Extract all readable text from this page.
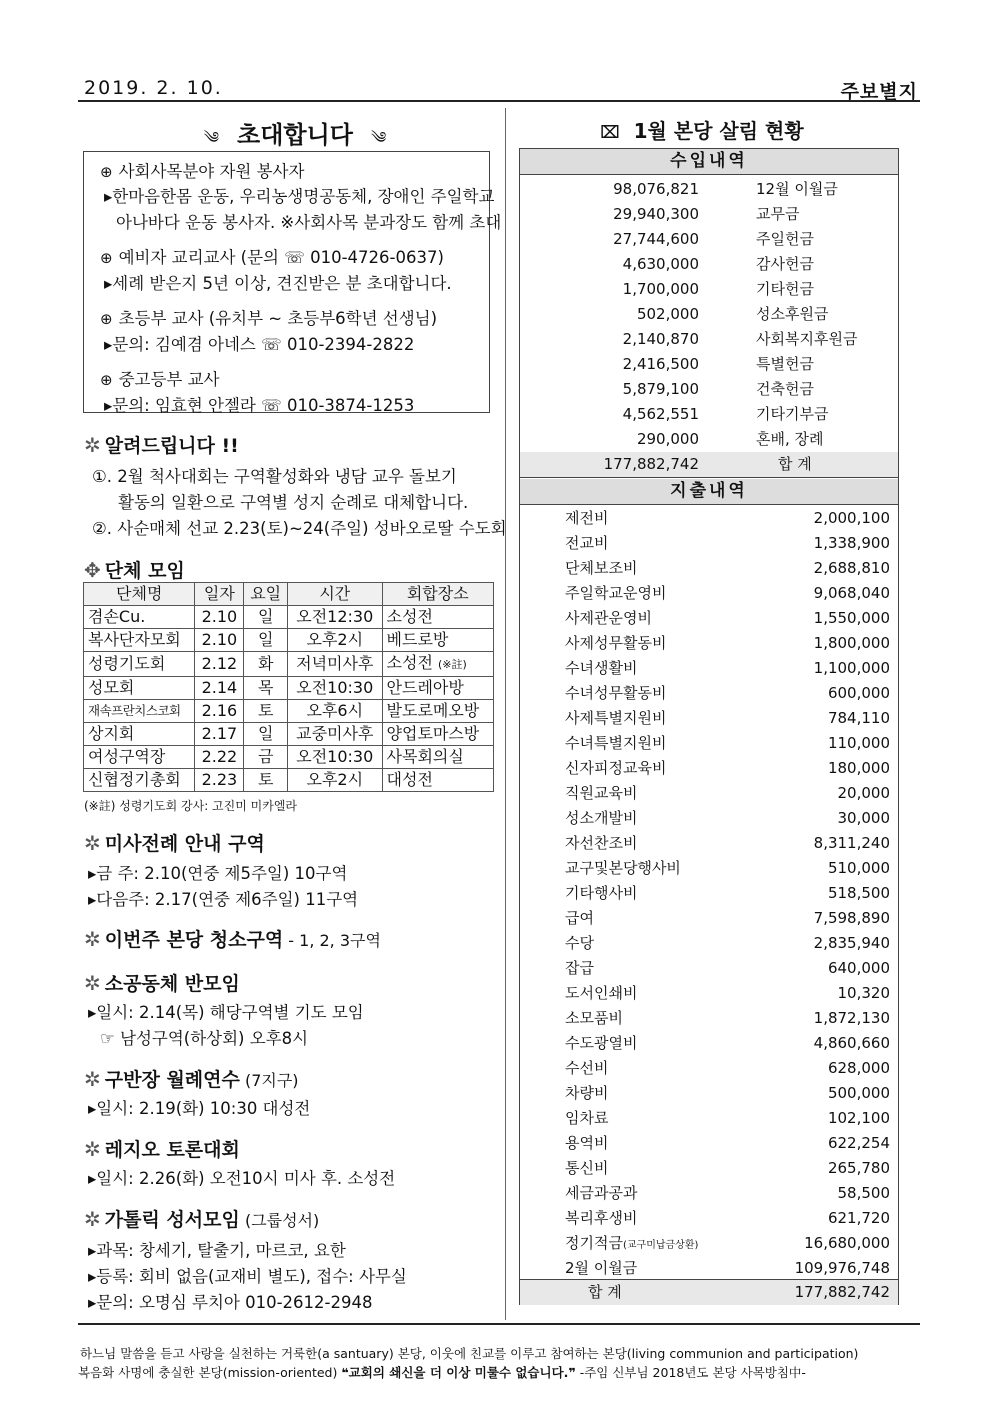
2019. 2. 10.	주보별지
༄ 초대합니다 ༄
⊕ 사회사목분야 자원 봉사자
▸한마음한몸 운동, 우리농생명공동체, 장애인 주일학교
아나바다 운동 봉사자. ※사회사목 분과장도 함께 초대
⊕ 예비자 교리교사 (문의 ☏ 010-4726-0637)
▸세례 받은지 5년 이상, 견진받은 분 초대합니다.
⊕ 초등부 교사 (유치부 ~ 초등부6학년 선생님)
▸문의: 김예겸 아네스 ☏ 010-2394-2822
⊕ 중고등부 교사
▸문의: 임효현 안젤라 ☏ 010-3874-1253
✲ 알려드립니다 !!
①. 2월 척사대회는 구역활성화와 냉담 교우 돌보기
활동의 일환으로 구역별 성지 순례로 대체합니다.
②. 사순매체 선교 2.23(토)~24(주일) 성바오로딸 수도회
✥ 단체 모임
단체명	일자	요일	시간	회합장소
겸손Cu.	2.10	일	오전12:30	소성전
복사단자모회	2.10	일	오후2시	베드로방
성령기도회	2.12	화	저녁미사후	소성전 (※註)
성모회	2.14	목	오전10:30	안드레아방
재속프란치스코회	2.16	토	오후6시	발도로메오방
상지회	2.17	일	교중미사후	양업토마스방
여성구역장	2.22	금	오전10:30	사목회의실
신협정기총회	2.23	토	오후2시	대성전
(※註) 성령기도회 강사: 고진미 미카엘라
✲ 미사전례 안내 구역
▸금 주: 2.10(연중 제5주일) 10구역
▸다음주: 2.17(연중 제6주일) 11구역
✲ 이번주 본당 청소구역 - 1, 2, 3구역
✲ 소공동체 반모임
▸일시: 2.14(목) 해당구역별 기도 모임
☞ 남성구역(하상회) 오후8시
✲ 구반장 월례연수 (7지구)
▸일시: 2.19(화) 10:30 대성전
✲ 레지오 토론대회
▸일시: 2.26(화) 오전10시 미사 후. 소성전
✲ 가톨릭 성서모임 (그룹성서)
▸과목: 창세기, 탈출기, 마르코, 요한
▸등록: 회비 없음(교재비 별도), 접수: 사무실
▸문의: 오명심 루치아 010-2612-2948
⌧ 1월 본당 살림 현황
수입내역
98,076,821	12월 이월금
29,940,300	교무금
27,744,600	주일헌금
4,630,000	감사헌금
1,700,000	기타헌금
502,000	성소후원금
2,140,870	사회복지후원금
2,416,500	특별헌금
5,879,100	건축헌금
4,562,551	기타기부금
290,000	혼배, 장례
177,882,742	합 계
지출내역
제전비	2,000,100
전교비	1,338,900
단체보조비	2,688,810
주일학교운영비	9,068,040
사제관운영비	1,550,000
사제성무활동비	1,800,000
수녀생활비	1,100,000
수녀성무활동비	600,000
사제특별지원비	784,110
수녀특별지원비	110,000
신자피정교육비	180,000
직원교육비	20,000
성소개발비	30,000
자선찬조비	8,311,240
교구및본당행사비	510,000
기타행사비	518,500
급여	7,598,890
수당	2,835,940
잡급	640,000
도서인쇄비	10,320
소모품비	1,872,130
수도광열비	4,860,660
수선비	628,000
차량비	500,000
임차료	102,100
용역비	622,254
통신비	265,780
세금과공과	58,500
복리후생비	621,720
정기적금(교구미납금상환)	16,680,000
2월 이월금	109,976,748
합 계	177,882,742
하느님 말씀을 듣고 사랑을 실천하는 거룩한(a santuary) 본당, 이웃에 친교를 이루고 참여하는 본당(living communion and participation)
복음화 사명에 충실한 본당(mission-oriented) ❝교회의 쇄신을 더 이상 미룰수 없습니다.❞ -주임 신부님 2018년도 본당 사목방침中-
